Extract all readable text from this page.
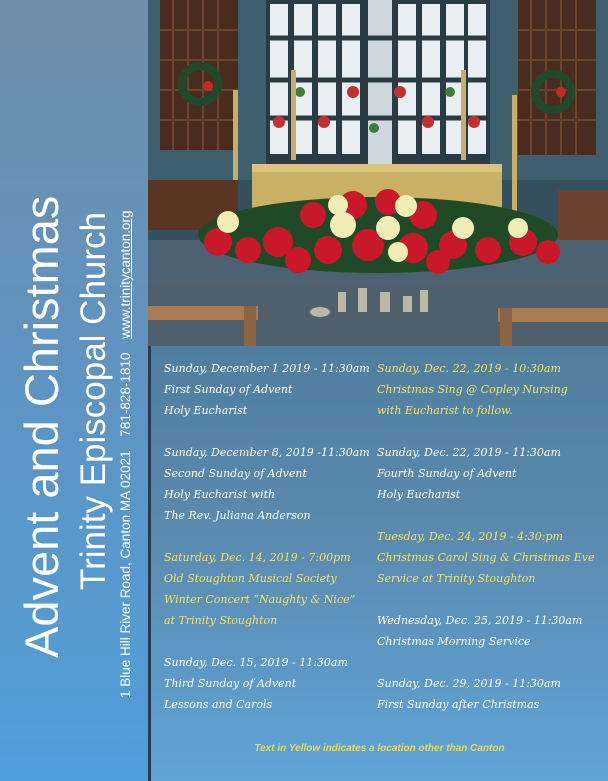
Advent and Christmas Trinity Episcopal Church 1 Blue Hill River Road, Canton MA 02021 781-828-1810 www.trinitycanton.org
Sunday, December 1 2019 - 11:30am
First Sunday of Advent
Holy Eucharist
Sunday, December 8, 2019 -11:30am
Second Sunday of Advent
Holy Eucharist with
The Rev. Juliana Anderson
Saturday, Dec. 14, 2019 - 7:00pm
Old Stoughton Musical Society
Winter Concert “Naughty & Nice”
at Trinity Stoughton
Sunday, Dec. 15, 2019 - 11:30am
Third Sunday of Advent
Lessons and Carols
Sunday, Dec. 22, 2019 - 10:30am
Christmas Sing @ Copley Nursing
with Eucharist to follow.
Sunday, Dec. 22, 2019 - 11:30am
Fourth Sunday of Advent
Holy Eucharist
Tuesday, Dec. 24, 2019 - 4:30:pm
Christmas Carol Sing & Christmas Eve
Service at Trinity Stoughton
Wednesday, Dec. 25, 2019 - 11:30am
Christmas Morning Service
Sunday, Dec. 29, 2019 - 11:30am
First Sunday after Christmas
Text in Yellow indicates a location other than Canton
